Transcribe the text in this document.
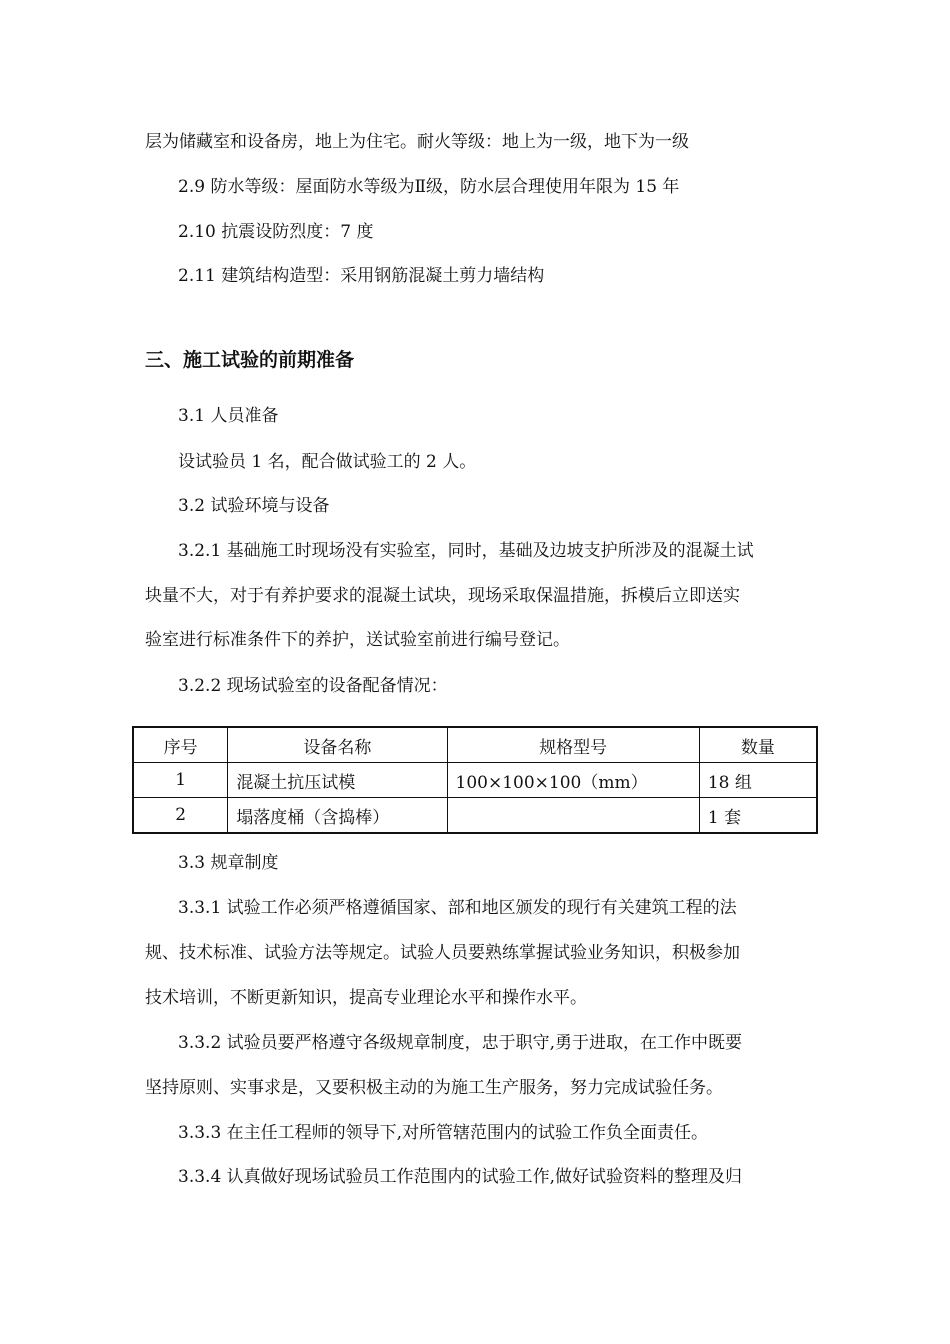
层为储藏室和设备房，地上为住宅。耐火等级：地上为一级，地下为一级
2.9 防水等级：屋面防水等级为Ⅱ级，防水层合理使用年限为 15 年
2.10 抗震设防烈度：7 度
2.11 建筑结构造型：采用钢筋混凝土剪力墙结构
三、施工试验的前期准备
3.1 人员准备
设试验员 1 名，配合做试验工的 2 人。
3.2 试验环境与设备
3.2.1 基础施工时现场没有实验室，同时，基础及边坡支护所涉及的混凝土试
块量不大，对于有养护要求的混凝土试块，现场采取保温措施，拆模后立即送实
验室进行标准条件下的养护，送试验室前进行编号登记。
3.2.2 现场试验室的设备配备情况：
序号	设备名称	规格型号	数量
1	混凝土抗压试模	100×100×100（mm）	18 组
2	塌落度桶（含捣棒）		1 套
3.3 规章制度
3.3.1 试验工作必须严格遵循国家、部和地区颁发的现行有关建筑工程的法
规、技术标准、试验方法等规定。试验人员要熟练掌握试验业务知识，积极参加
技术培训，不断更新知识，提高专业理论水平和操作水平。
3.3.2 试验员要严格遵守各级规章制度，忠于职守,勇于进取，在工作中既要
坚持原则、实事求是，又要积极主动的为施工生产服务，努力完成试验任务。
3.3.3 在主任工程师的领导下,对所管辖范围内的试验工作负全面责任。
3.3.4 认真做好现场试验员工作范围内的试验工作,做好试验资料的整理及归
